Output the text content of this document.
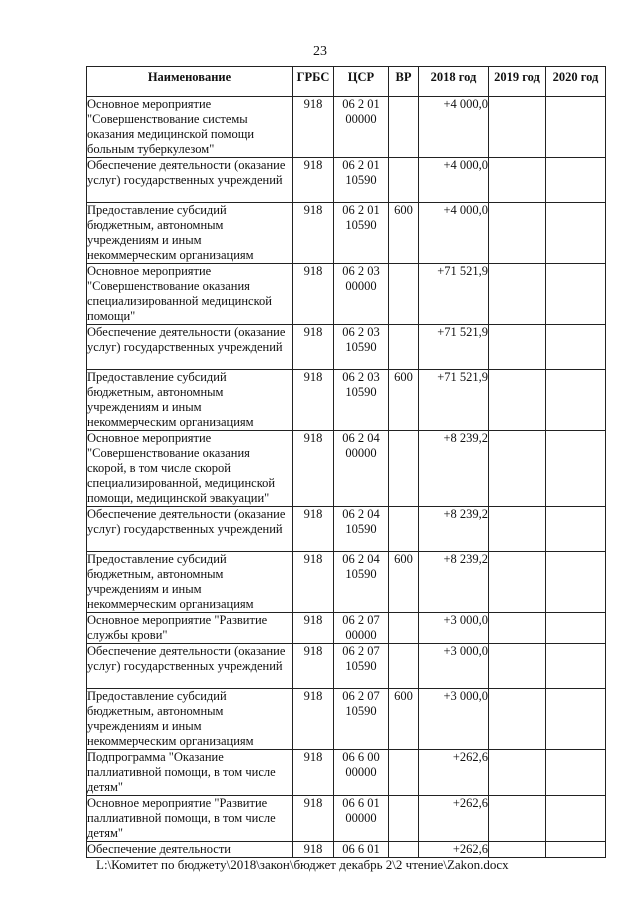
23
Наименование	ГРБС	ЦСР	ВР	2018 год	2019 год	2020 год
Основное мероприятие "Совершенствование системы оказания медицинской помощи больным туберкулезом"	918	06 2 01 00000		+4 000,0		
Обеспечение деятельности (оказание услуг) государственных учреждений	918	06 2 01 10590		+4 000,0		
Предоставление субсидий бюджетным, автономным учреждениям и иным некоммерческим организациям	918	06 2 01 10590	600	+4 000,0		
Основное мероприятие "Совершенствование оказания специализированной медицинской помощи"	918	06 2 03 00000		+71 521,9		
Обеспечение деятельности (оказание услуг) государственных учреждений	918	06 2 03 10590		+71 521,9		
Предоставление субсидий бюджетным, автономным учреждениям и иным некоммерческим организациям	918	06 2 03 10590	600	+71 521,9		
Основное мероприятие "Совершенствование оказания скорой, в том числе скорой специализированной, медицинской помощи, медицинской эвакуации"	918	06 2 04 00000		+8 239,2		
Обеспечение деятельности (оказание услуг) государственных учреждений	918	06 2 04 10590		+8 239,2		
Предоставление субсидий бюджетным, автономным учреждениям и иным некоммерческим организациям	918	06 2 04 10590	600	+8 239,2		
Основное мероприятие "Развитие службы крови"	918	06 2 07 00000		+3 000,0		
Обеспечение деятельности (оказание услуг) государственных учреждений	918	06 2 07 10590		+3 000,0		
Предоставление субсидий бюджетным, автономным учреждениям и иным некоммерческим организациям	918	06 2 07 10590	600	+3 000,0		
Подпрограмма "Оказание паллиативной помощи, в том числе детям"	918	06 6 00 00000		+262,6		
Основное мероприятие "Развитие паллиативной помощи, в том числе детям"	918	06 6 01 00000		+262,6		
Обеспечение деятельности	918	06 6 01		+262,6		
L:\Комитет по бюджету\2018\закон\бюджет декабрь 2\2 чтение\Zakon.docx
